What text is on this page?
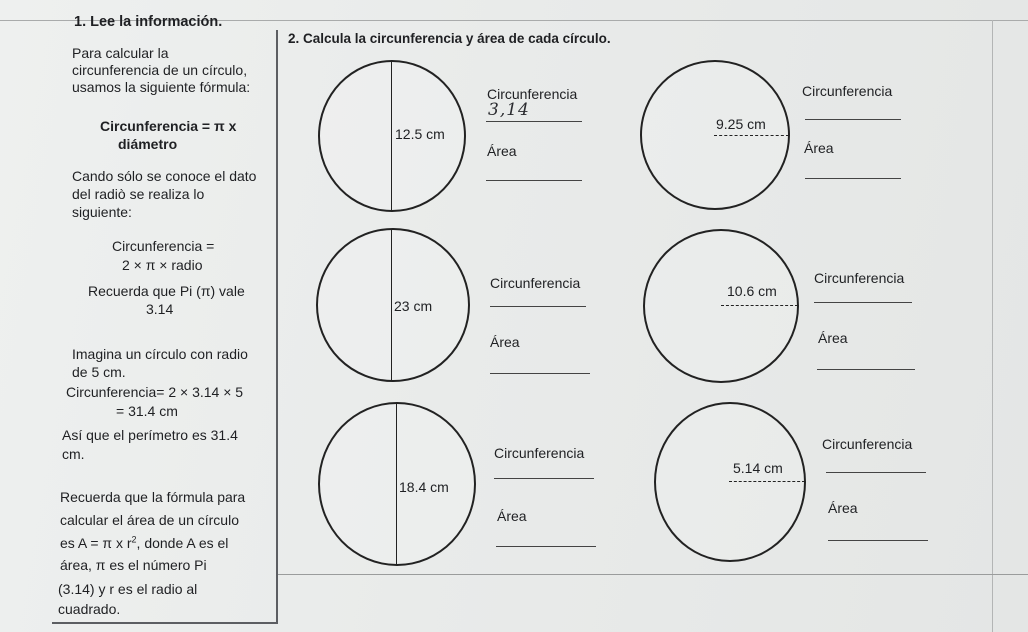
1. Lee la información.
Para calcular la
circunferencia de un círculo,
usamos la siguiente fórmula:
Circunferencia = π x
diámetro
Cando sólo se conoce el dato
del radiò se realiza lo
siguiente:
Circunferencia =
2 × π × radio
Recuerda que Pi (π) vale
3.14
Imagina un círculo con radio
de 5 cm.
Circunferencia= 2 × 3.14 × 5
= 31.4 cm
Así que el perímetro es 31.4
cm.
Recuerda que la fórmula para
calcular el área de un círculo
es A = π x $r^2$, donde A es el
área, π es el número Pi
(3.14) y r es el radio al
cuadrado.
2. Calcula la circunferencia y área de cada círculo.
12.5 cm
Circunferencia
3,14
Área
9.25 cm
Circunferencia
Área
23 cm
Circunferencia
Área
10.6 cm
Circunferencia
Área
18.4 cm
Circunferencia
Área
5.14 cm
Circunferencia
Área
